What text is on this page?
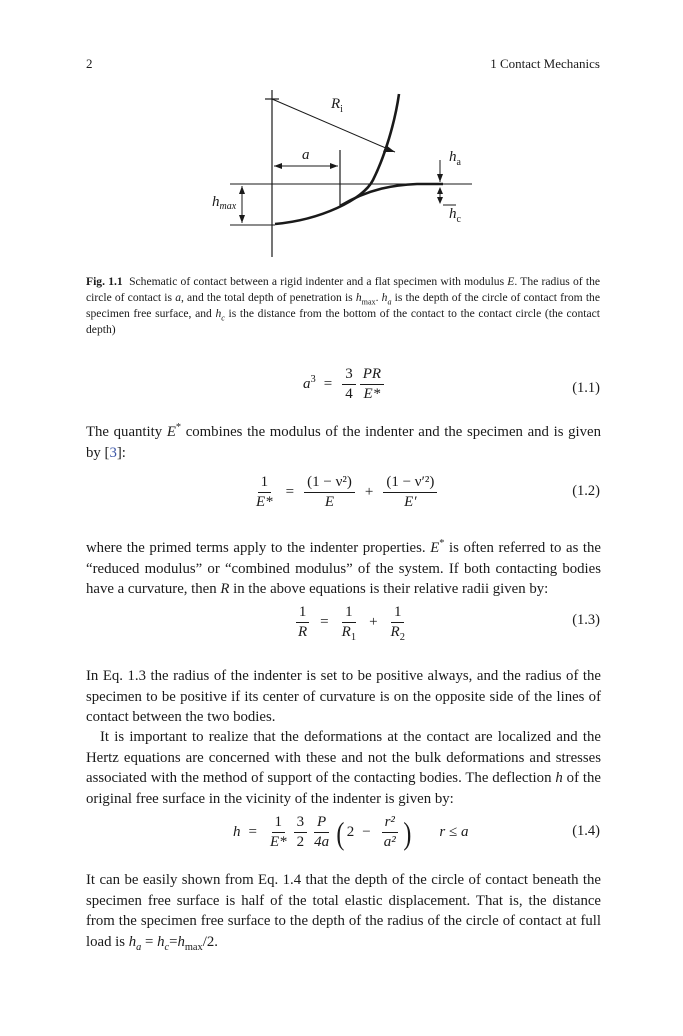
2	1 Contact Mechanics
$R_i$
a	$h_a$
$h_{max}$	$h_c$
Fig. 1.1 Schematic of contact between a rigid indenter and a flat specimen with modulus E. The radius of the circle of contact is a, and the total depth of penetration is $h_{max}$. $h_a$ is the depth of the circle of contact from the specimen free surface, and $h_c$ is the distance from the bottom of the contact to the contact circle (the contact depth)
$a^3 = \frac{3}{4} \frac{PR}{E*}$	(1.1)
The quantity E* combines the modulus of the indenter and the specimen and is given by [3]:
$\frac{1}{E*} = \frac{\text{(1 − ν²)}}{E} + \frac{\text{(1 − ν′²)}}{E'}$	(1.2)
where the primed terms apply to the indenter properties. E* is often referred to as the “reduced modulus” or “combined modulus” of the system. If both contacting bodies have a curvature, then R in the above equations is their relative radii given by:
$\frac{1}{R} = \frac{1}{R_1} + \frac{1}{R_2}$	(1.3)
In Eq. 1.3 the radius of the indenter is set to be positive always, and the radius of the specimen to be positive if its center of curvature is on the opposite side of the lines of contact between the two bodies.
It is important to realize that the deformations at the contact are localized and the Hertz equations are concerned with these and not the bulk deformations and stresses associated with the method of support of the contacting bodies. The deflection h of the original free surface in the vicinity of the indenter is given by:
$h = \frac{1}{E*} \frac{3}{2} \frac{P}{4a}$ ( $2 - \frac{\text{r²}}{\text{a²}}$ ) r ≤ a	(1.4)
It can be easily shown from Eq. 1.4 that the depth of the circle of contact beneath the specimen free surface is half of the total elastic displacement. That is, the distance from the specimen free surface to the depth of the radius of the circle of contact at full load is $h_a = h_c=h_{max}/2$.
